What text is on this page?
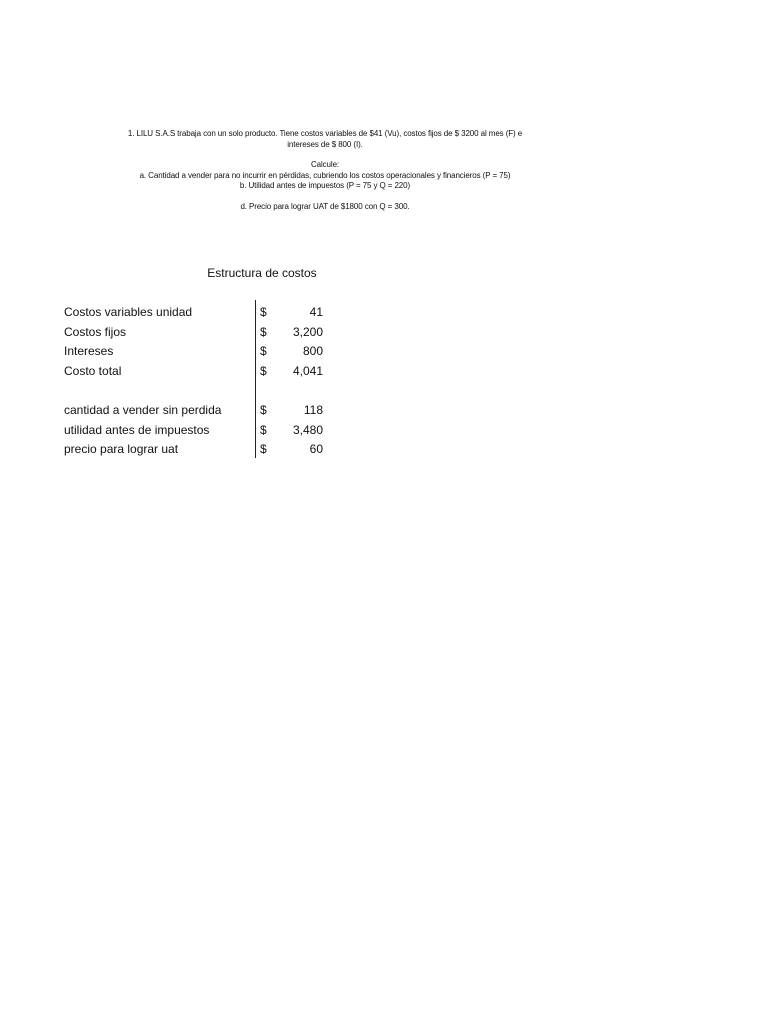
1. LILU S.A.S trabaja con un solo producto. Tiene costos variables de $41 (Vu), costos fijos de $ 3200 al mes (F) e

intereses de $ 800 (I).

Calcule:

a. Cantidad a vender para no incurrir en pérdidas, cubriendo los costos operacionales y financieros (P = 75)

b. Utilidad antes de impuestos (P = 75 y Q = 220)

d. Precio para lograr UAT de $1800 con Q = 300.

Estructura de costos
Costos variables unidad	$	41
Costos fijos	$	3,200
Intereses	$	800
Costo total	$	4,041
cantidad a vender sin perdida	$	118
utilidad antes de impuestos	$	3,480
precio para lograr uat	$	60
